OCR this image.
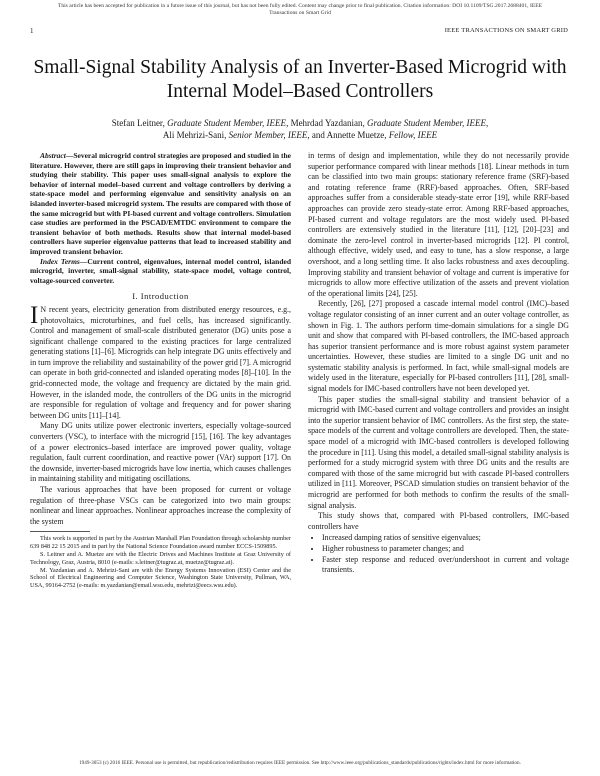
This article has been accepted for publication in a future issue of this journal, but has not been fully edited. Content may change prior to final publication. Citation information: DOI 10.1109/TSG.2017.2688401, IEEE
Transactions on Smart Grid
1	IEEE TRANSACTIONS ON SMART GRID
Small-Signal Stability Analysis of an Inverter-Based Microgrid with Internal Model–Based Controllers
Stefan Leitner, Graduate Student Member, IEEE, Mehrdad Yazdanian, Graduate Student Member, IEEE,
Ali Mehrizi-Sani, Senior Member, IEEE, and Annette Muetze, Fellow, IEEE

Abstract—Several microgrid control strategies are proposed and studied in the literature. However, there are still gaps in improving their transient behavior and studying their stability. This paper uses small-signal analysis to explore the behavior of internal model–based current and voltage controllers by deriving a state-space model and performing eigenvalue and sensitivity analysis on an islanded inverter-based microgrid system. The results are compared with those of the same microgrid but with PI-based current and voltage controllers. Simulation case studies are performed in the PSCAD/EMTDC environment to compare the transient behavior of both methods. Results show that internal model-based controllers have superior eigenvalue patterns that lead to increased stability and improved transient behavior.

Index Terms—Current control, eigenvalues, internal model control, islanded microgrid, inverter, small-signal stability, state-space model, voltage control, voltage-sourced converter.

I. Introduction

I N recent years, electricity generation from distributed energy resources, e.g., photovoltaics, microturbines, and fuel cells, has increased significantly. Control and management of small-scale distributed generator (DG) units pose a significant challenge compared to the existing practices for large centralized generating stations [1]–[6]. Microgrids can help integrate DG units effectively and in turn improve the reliability and sustainability of the power grid [7]. A microgrid can operate in both grid-connected and islanded operating modes [8]–[10]. In the grid-connected mode, the voltage and frequency are dictated by the main grid. However, in the islanded mode, the controllers of the DG units in the microgrid are responsible for regulation of voltage and frequency and for power sharing between DG units [11]–[14].

Many DG units utilize power electronic inverters, especially voltage-sourced converters (VSC), to interface with the microgrid [15], [16]. The key advantages of a power electronics–based interface are improved power quality, voltage regulation, fault current coordination, and reactive power (VAr) support [17]. On the downside, inverter-based microgrids have low inertia, which causes challenges in maintaining stability and mitigating oscillations.

The various approaches that have been proposed for current or voltage regulation of three-phase VSCs can be categorized into two main groups: nonlinear and linear approaches. Nonlinear approaches increase the complexity of the system

This work is supported in part by the Austrian Marshall Plan Foundation through scholarship number 639 848 22 15 2015 and in part by the National Science Foundation award number ECCS-1509895.

S. Leitner and A. Muetze are with the Electric Drives and Machines Institute at Graz University of Technology, Graz, Austria, 8010 (e-mails: s.leitner@tugraz.at, muetze@tugraz.at).

M. Yazdanian and A. Mehrizi-Sani are with the Energy Systems Innovation (ESI) Center and the School of Electrical Engineering and Computer Science, Washington State University, Pullman, WA, USA, 99164-2752 (e-mails: m.yazdanian@email.wsu.edu, mehrizi@eecs.wsu.edu).

in terms of design and implementation, while they do not necessarily provide superior performance compared with linear methods [18]. Linear methods in turn can be classified into two main groups: stationary reference frame (SRF)-based and rotating reference frame (RRF)-based approaches. Often, SRF-based approaches suffer from a considerable steady-state error [19], while RRF-based approaches can provide zero steady-state error. Among RRF-based approaches, PI-based current and voltage regulators are the most widely used. PI-based controllers are extensively studied in the literature [11], [12], [20]–[23] and dominate the zero-level control in inverter-based microgrids [12]. PI control, although effective, widely used, and easy to tune, has a slow response, a large overshoot, and a long settling time. It also lacks robustness and axes decoupling. Improving stability and transient behavior of voltage and current is imperative for microgrids to allow more effective utilization of the assets and prevent violation of the operational limits [24], [25].

Recently, [26], [27] proposed a cascade internal model control (IMC)–based voltage regulator consisting of an inner current and an outer voltage controller, as shown in Fig. 1. The authors perform time-domain simulations for a single DG unit and show that compared with PI-based controllers, the IMC-based approach has superior transient performance and is more robust against system parameter uncertainties. However, these studies are limited to a single DG unit and no systematic stability analysis is performed. In fact, while small-signal models are widely used in the literature, especially for PI-based controllers [11], [28], small-signal models for IMC-based controllers have not been developed yet.

This paper studies the small-signal stability and transient behavior of a microgrid with IMC-based current and voltage controllers and provides an insight into the superior transient behavior of IMC controllers. As the first step, the state-space models of the current and voltage controllers are developed. Then, the state-space model of a microgrid with IMC-based controllers is developed following the procedure in [11]. Using this model, a detailed small-signal stability analysis is performed for a study microgrid system with three DG units and the results are compared with those of the same microgrid but with cascade PI-based controllers utilized in [11]. Moreover, PSCAD simulation studies on transient behavior of the microgrid are performed for both methods to confirm the results of the small-signal analysis.

This study shows that, compared with PI-based controllers, IMC-based controllers have

• Increased damping ratios of sensitive eigenvalues;
• Higher robustness to parameter changes; and
• Faster step response and reduced over/undershoot in current and voltage transients.
1949-3053 (c) 2016 IEEE. Personal use is permitted, but republication/redistribution requires IEEE permission. See http://www.ieee.org/publications_standards/publications/rights/index.html for more information.
